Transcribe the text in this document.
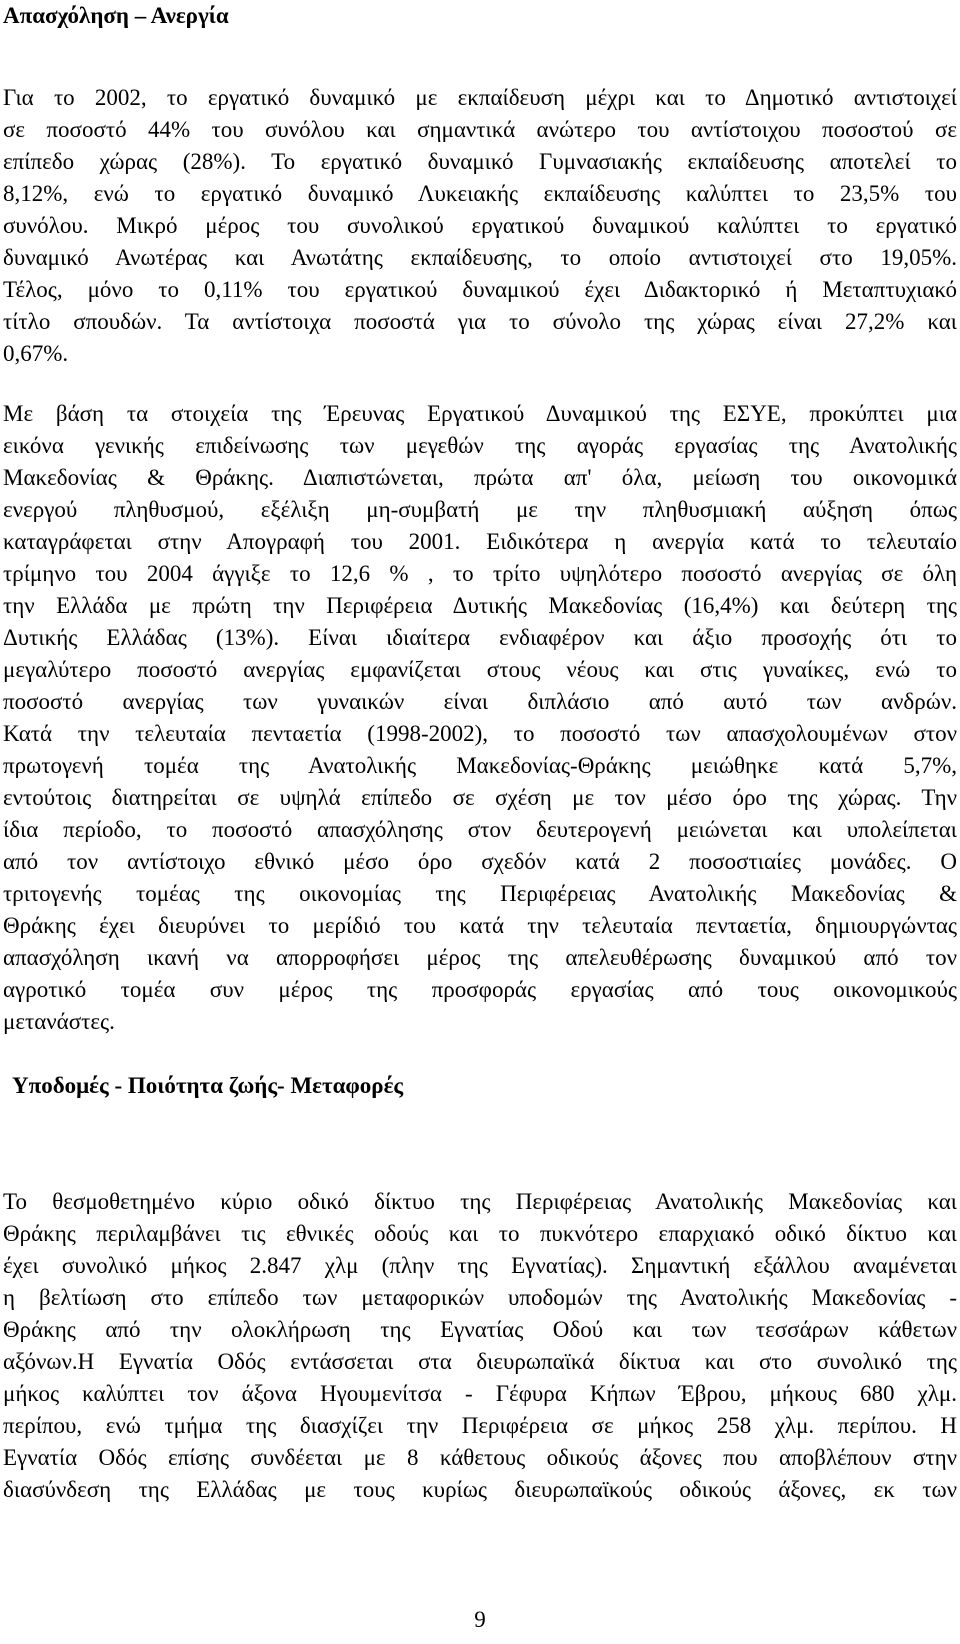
Απασχόληση – Ανεργία
Για το 2002, το εργατικό δυναμικό με εκπαίδευση μέχρι και το Δημοτικό αντιστοιχεί
σε ποσοστό 44% του συνόλου και σημαντικά ανώτερο του αντίστοιχου ποσοστού σε
επίπεδο χώρας (28%). Το εργατικό δυναμικό Γυμνασιακής εκπαίδευσης αποτελεί το
8,12%, ενώ το εργατικό δυναμικό Λυκειακής εκπαίδευσης καλύπτει το 23,5% του
συνόλου. Μικρό μέρος του συνολικού εργατικού δυναμικού καλύπτει το εργατικό
δυναμικό Ανωτέρας και Ανωτάτης εκπαίδευσης, το οποίο αντιστοιχεί στο 19,05%.
Τέλος, μόνο το 0,11% του εργατικού δυναμικού έχει Διδακτορικό ή Μεταπτυχιακό
τίτλο σπουδών. Τα αντίστοιχα ποσοστά για το σύνολο της χώρας είναι 27,2% και
0,67%.
Με βάση τα στοιχεία της Έρευνας Εργατικού Δυναμικού της ΕΣΥΕ, προκύπτει μια
εικόνα γενικής επιδείνωσης των μεγεθών της αγοράς εργασίας της Ανατολικής
Μακεδονίας & Θράκης. Διαπιστώνεται, πρώτα απ' όλα, μείωση του οικονομικά
ενεργού πληθυσμού, εξέλιξη μη-συμβατή με την πληθυσμιακή αύξηση όπως
καταγράφεται στην Απογραφή του 2001. Ειδικότερα η ανεργία κατά το τελευταίο
τρίμηνο του 2004 άγγιξε το 12,6 % , το τρίτο υψηλότερο ποσοστό ανεργίας σε όλη
την Ελλάδα με πρώτη την Περιφέρεια Δυτικής Μακεδονίας (16,4%) και δεύτερη της
Δυτικής Ελλάδας (13%). Είναι ιδιαίτερα ενδιαφέρον και άξιο προσοχής ότι το
μεγαλύτερο ποσοστό ανεργίας εμφανίζεται στους νέους και στις γυναίκες, ενώ το
ποσοστό ανεργίας των γυναικών είναι διπλάσιο από αυτό των ανδρών.
Κατά την τελευταία πενταετία (1998-2002), το ποσοστό των απασχολουμένων στον
πρωτογενή τομέα της Ανατολικής Μακεδονίας-Θράκης μειώθηκε κατά 5,7%,
εντούτοις διατηρείται σε υψηλά επίπεδο σε σχέση με τον μέσο όρο της χώρας. Την
ίδια περίοδο, το ποσοστό απασχόλησης στον δευτερογενή μειώνεται και υπολείπεται
από τον αντίστοιχο εθνικό μέσο όρο σχεδόν κατά 2 ποσοστιαίες μονάδες. Ο
τριτογενής τομέας της οικονομίας της Περιφέρειας Ανατολικής Μακεδονίας &
Θράκης έχει διευρύνει το μερίδιό του κατά την τελευταία πενταετία, δημιουργώντας
απασχόληση ικανή να απορροφήσει μέρος της απελευθέρωσης δυναμικού από τον
αγροτικό τομέα συν μέρος της προσφοράς εργασίας από τους οικονομικούς
μετανάστες.
Υποδομές - Ποιότητα ζωής- Μεταφορές
Το θεσμοθετημένο κύριο οδικό δίκτυο της Περιφέρειας Ανατολικής Μακεδονίας και
Θράκης περιλαμβάνει τις εθνικές οδούς και το πυκνότερο επαρχιακό οδικό δίκτυο και
έχει συνολικό μήκος 2.847 χλμ (πλην της Εγνατίας). Σημαντική εξάλλου αναμένεται
η βελτίωση στο επίπεδο των μεταφορικών υποδομών της Ανατολικής Μακεδονίας -
Θράκης από την ολοκλήρωση της Εγνατίας Οδού και των τεσσάρων κάθετων
αξόνων.Η Εγνατία Οδός εντάσσεται στα διευρωπαϊκά δίκτυα και στο συνολικό της
μήκος καλύπτει τον άξονα Ηγουμενίτσα - Γέφυρα Κήπων Έβρου, μήκους 680 χλμ.
περίπου, ενώ τμήμα της διασχίζει την Περιφέρεια σε μήκος 258 χλμ. περίπου. Η
Εγνατία Οδός επίσης συνδέεται με 8 κάθετους οδικούς άξονες που αποβλέπουν στην
διασύνδεση της Ελλάδας με τους κυρίως διευρωπαϊκούς οδικούς άξονες, εκ των
9
